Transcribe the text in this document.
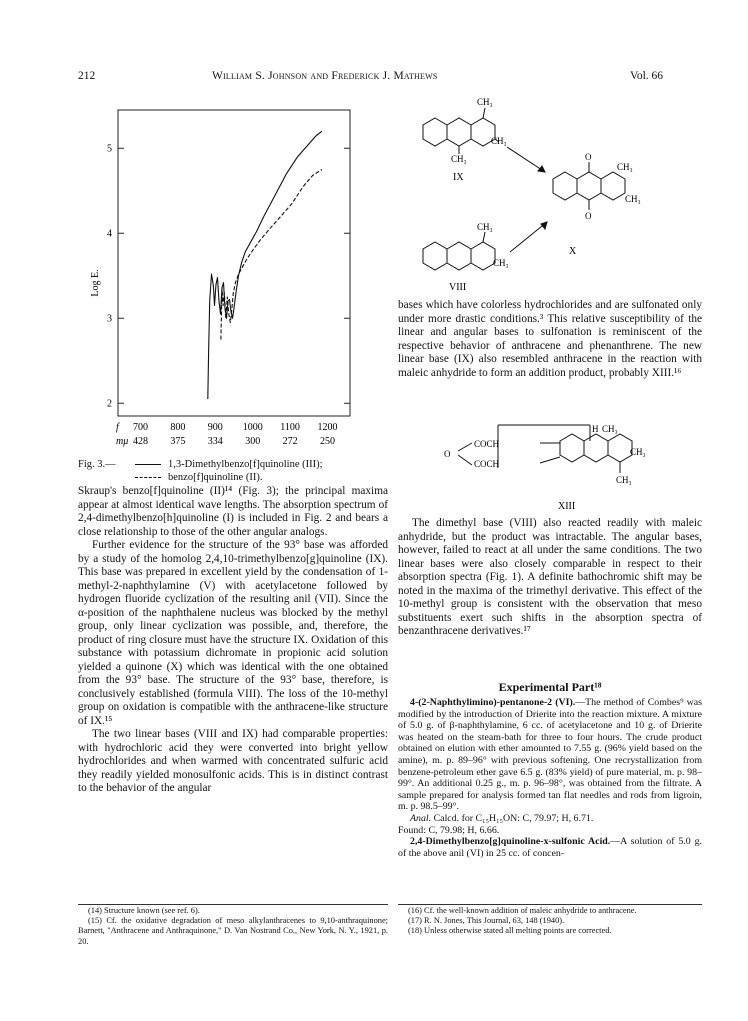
212	William S. Johnson and Frederick J. Mathews	Vol. 66
Log E.
5
4
3
2
f 700 800 900 1000 1100 1200
mμ 428 375 334 300 272 250
Fig. 3.—	1,3-Dimethylbenzo[f]quinoline (III);
benzo[f]quinoline (II).

Skraup's benzo[f]quinoline (II)¹⁴ (Fig. 3); the principal maxima appear at almost identical wave lengths. The absorption spectrum of 2,4-dimethylbenzo[h]quinoline (I) is included in Fig. 2 and bears a close relationship to those of the other angular analogs.

Further evidence for the structure of the 93° base was afforded by a study of the homolog 2,4,10-trimethylbenzo[g]quinoline (IX). This base was prepared in excellent yield by the condensation of 1-methyl-2-naphthylamine (V) with acetylacetone followed by hydrogen fluoride cyclization of the resulting anil (VII). Since the α-position of the naphthalene nucleus was blocked by the methyl group, only linear cyclization was possible, and, therefore, the product of ring closure must have the structure IX. Oxidation of this substance with potassium dichromate in propionic acid solution yielded a quinone (X) which was identical with the one obtained from the 93° base. The structure of the 93° base, therefore, is conclusively established (formula VIII). The loss of the 10-methyl group on oxidation is compatible with the anthracene-like structure of IX.¹⁵

The two linear bases (VIII and IX) had comparable properties: with hydrochloric acid they were converted into bright yellow hydrochlorides and when warmed with concentrated sulfuric acid they readily yielded monosulfonic acids. This is in distinct contrast to the behavior of the angular

(14) Structure known (see ref. 6).

(15) Cf. the oxidative degradation of meso alkylanthracenes to 9,10-anthraquinone; Barnett, "Anthracene and Anthraquinone," D. Van Nostrand Co., New York, N. Y., 1921, p. 20.

CH₃
CH₃
CH₃
IX
O
O
CH₃
CH₃
X
CH₃
CH₃
VIII

bases which have colorless hydrochlorides and are sulfonated only under more drastic conditions.³ This relative susceptibility of the linear and angular bases to sulfonation is reminiscent of the respective behavior of anthracene and phenanthrene. The new linear base (IX) also resembled anthracene in the reaction with maleic anhydride to form an addition product, probably XIII.¹⁶

COCH
COCH
O
H CH₃
CH₃
CH₃
XIII

The dimethyl base (VIII) also reacted readily with maleic anhydride, but the product was intractable. The angular bases, however, failed to react at all under the same conditions. The two linear bases were also closely comparable in respect to their absorption spectra (Fig. 1). A definite bathochromic shift may be noted in the maxima of the trimethyl derivative. This effect of the 10-methyl group is consistent with the observation that meso substituents exert such shifts in the absorption spectra of benzanthracene derivatives.¹⁷

Experimental Part¹⁸

4-(2-Naphthylimino)-pentanone-2 (VI).—The method of Combes⁹ was modified by the introduction of Drierite into the reaction mixture. A mixture of 5.0 g. of β-naphthylamine, 6 cc. of acetylacetone and 10 g. of Drierite was heated on the steam-bath for three to four hours. The crude product obtained on elution with ether amounted to 7.55 g. (96% yield based on the amine), m. p. 89–96° with previous softening. One recrystallization from benzene-petroleum ether gave 6.5 g. (83% yield) of pure material, m. p. 98–99°. An additional 0.25 g., m. p. 96–98°, was obtained from the filtrate. A sample prepared for analysis formed tan flat needles and rods from ligroin, m. p. 98.5–99°.

Anal. Calcd. for C₁₅H₁₅ON: C, 79.97; H, 6.71.

Found: C, 79.98; H, 6.66.

2,4-Dimethylbenzo[g]quinoline-x-sulfonic Acid.—A solution of 5.0 g. of the above anil (VI) in 25 cc. of concen-

(16) Cf. the well-known addition of maleic anhydride to anthracene.

(17) R. N. Jones, This Journal, 63, 148 (1940).

(18) Unless otherwise stated all melting points are corrected.
